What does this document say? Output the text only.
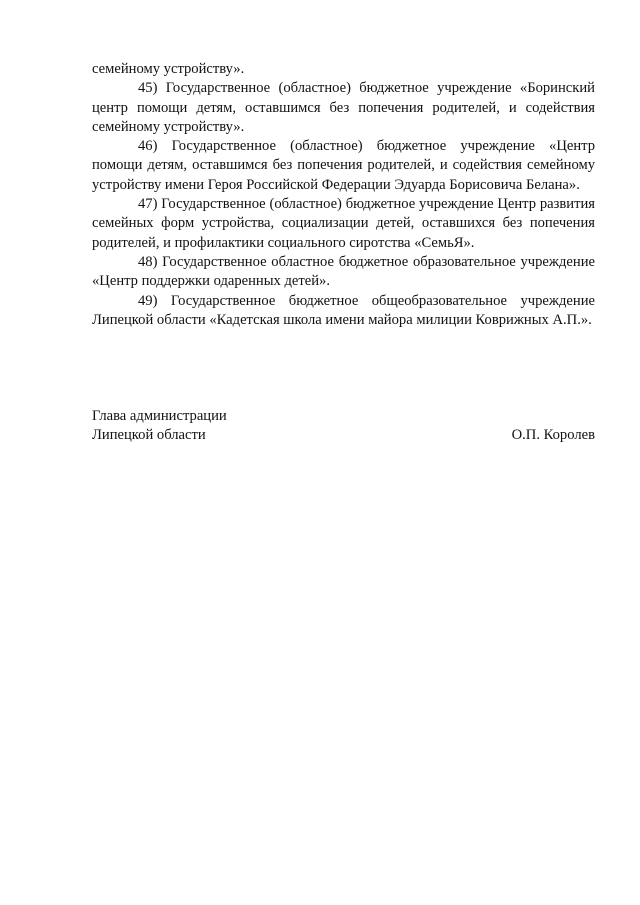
семейному устройству».

45) Государственное (областное) бюджетное учреждение «Боринский центр помощи детям, оставшимся без попечения родителей, и содействия семейному устройству».

46) Государственное (областное) бюджетное учреждение «Центр помощи детям, оставшимся без попечения родителей, и содействия семейному устройству имени Героя Российской Федерации Эдуарда Борисовича Белана».

47) Государственное (областное) бюджетное учреждение Центр развития семейных форм устройства, социализации детей, оставшихся без попечения родителей, и профилактики социального сиротства «СемьЯ».

48) Государственное областное бюджетное образовательное учреждение «Центр поддержки одаренных детей».

49) Государственное бюджетное общеобразовательное учреждение Липецкой области «Кадетская школа имени майора милиции Коврижных А.П.».

Глава администрации
Липецкой области	О.П. Королев
